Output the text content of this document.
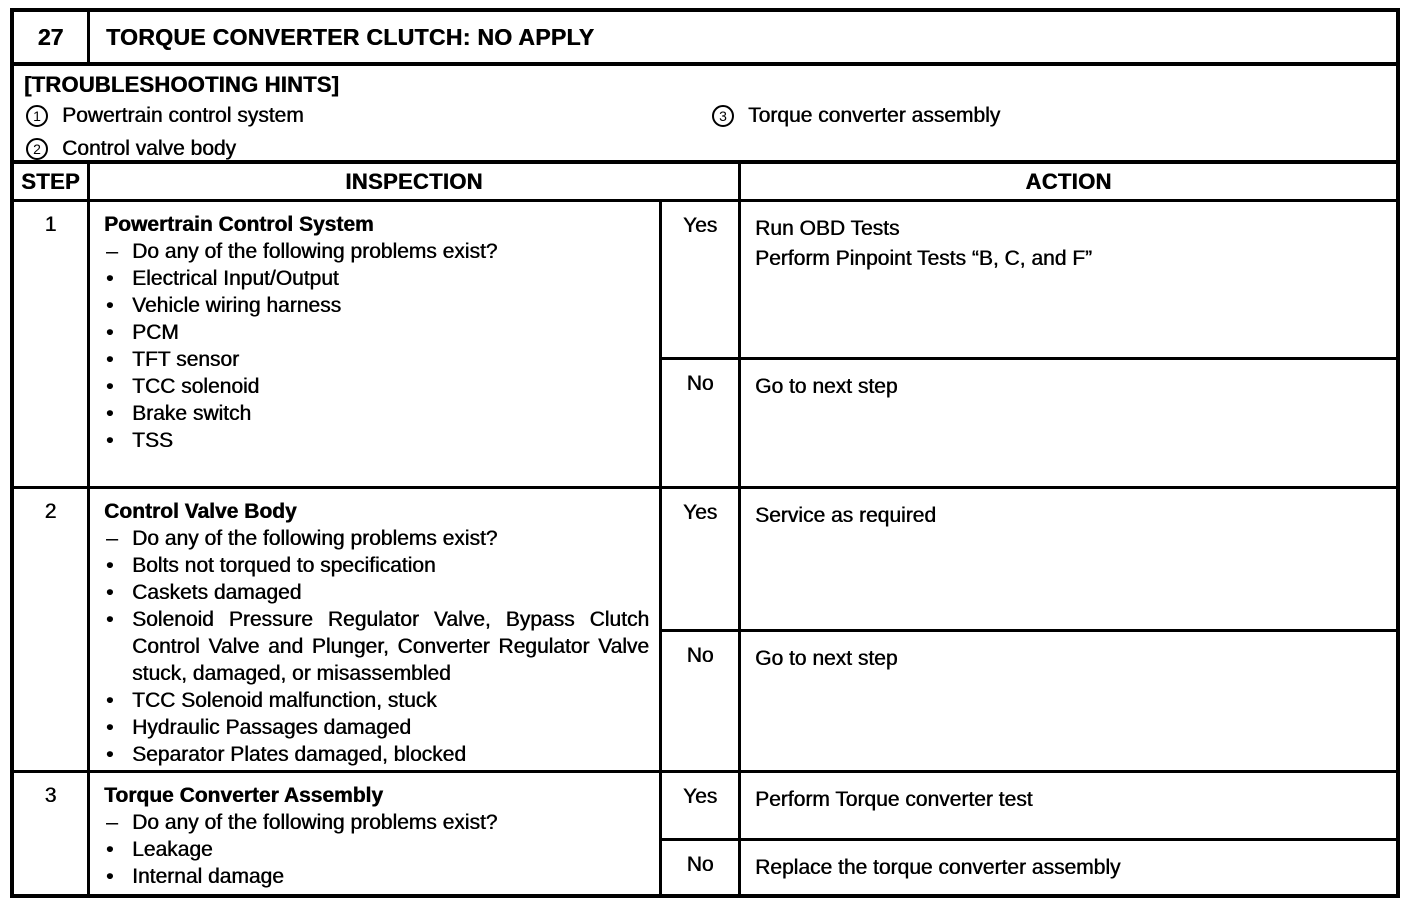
27	TORQUE CONVERTER CLUTCH: NO APPLY
[TROUBLESHOOTING HINTS]
1	Powertrain control system
2	Control valve body
3	Torque converter assembly
STEP	INSPECTION	ACTION
1	Powertrain Control System
– Do any of the following problems exist?
• Electrical Input/Output
• Vehicle wiring harness
• PCM
• TFT sensor
• TCC solenoid
• Brake switch
• TSS
Yes	Run OBD Tests
Perform Pinpoint Tests “B, C, and F”
No	Go to next step
2	Control Valve Body
– Do any of the following problems exist?
• Bolts not torqued to specification
• Caskets damaged
• Solenoid Pressure Regulator Valve, Bypass Clutch Control Valve and Plunger, Converter Regulator Valve stuck, damaged, or misassembled
• TCC Solenoid malfunction, stuck
• Hydraulic Passages damaged
• Separator Plates damaged, blocked
Yes	Service as required
No	Go to next step
3	Torque Converter Assembly
– Do any of the following problems exist?
• Leakage
• Internal damage
Yes	Perform Torque converter test
No	Replace the torque converter assembly
